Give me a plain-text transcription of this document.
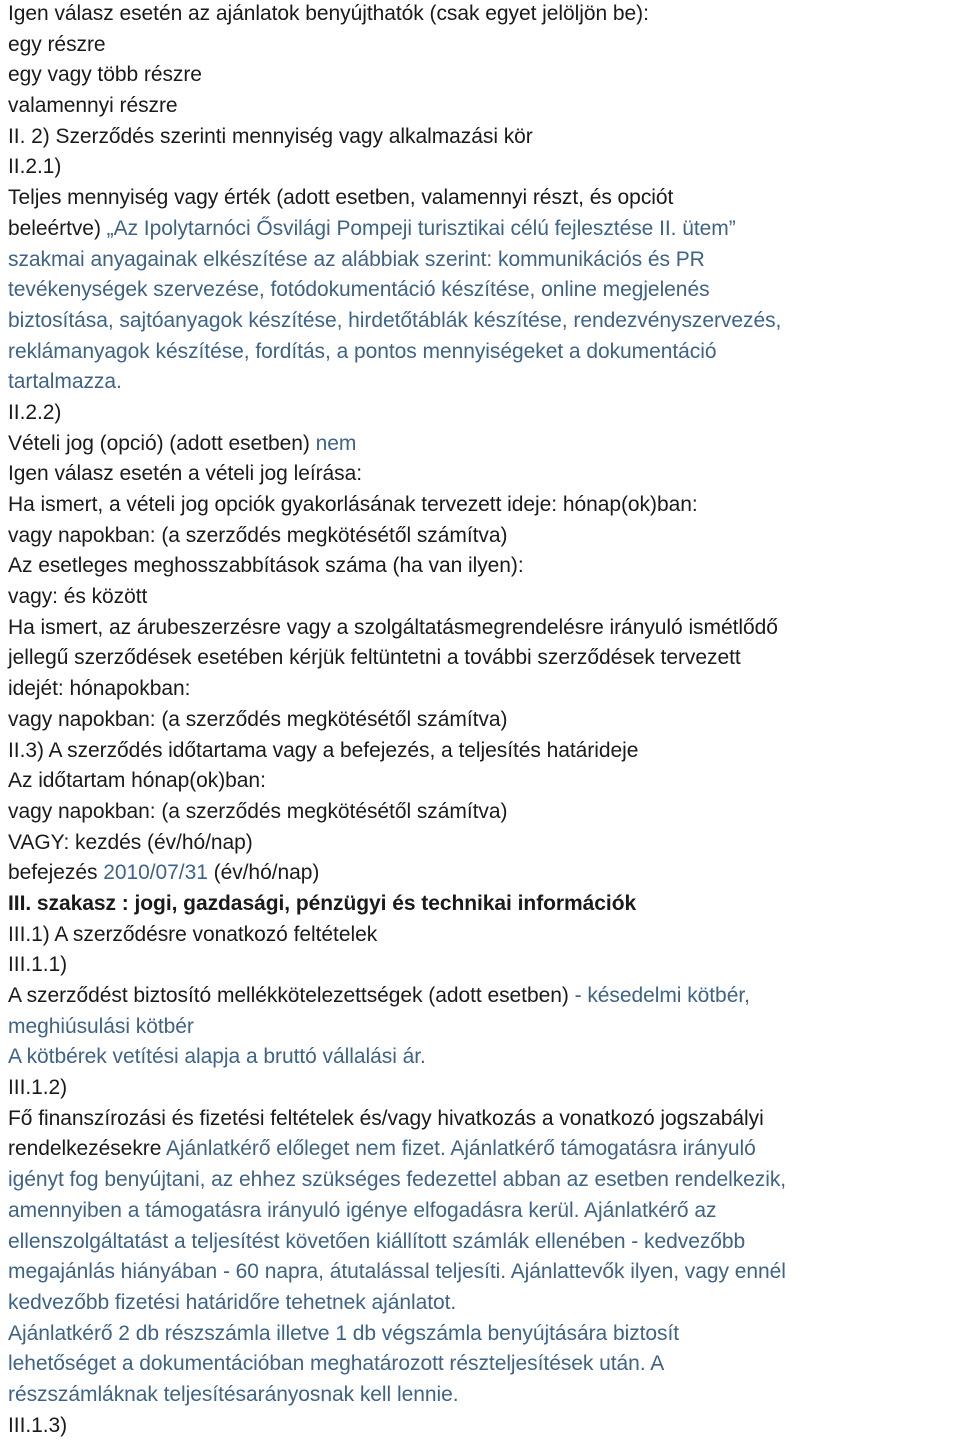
Igen válasz esetén az ajánlatok benyújthatók (csak egyet jelöljön be):
egy részre
egy vagy több részre
valamennyi részre
II. 2) Szerződés szerinti mennyiség vagy alkalmazási kör
II.2.1)
Teljes mennyiség vagy érték (adott esetben, valamennyi részt, és opciót
beleértve) „Az Ipolytarnóci Ősvilági Pompeji turisztikai célú fejlesztése II. ütem”
szakmai anyagainak elkészítése az alábbiak szerint: kommunikációs és PR
tevékenységek szervezése, fotódokumentáció készítése, online megjelenés
biztosítása, sajtóanyagok készítése, hirdetőtáblák készítése, rendezvényszervezés,
reklámanyagok készítése, fordítás, a pontos mennyiségeket a dokumentáció
tartalmazza.
II.2.2)
Vételi jog (opció) (adott esetben) nem
Igen válasz esetén a vételi jog leírása:
Ha ismert, a vételi jog opciók gyakorlásának tervezett ideje: hónap(ok)ban:
vagy napokban: (a szerződés megkötésétől számítva)
Az esetleges meghosszabbítások száma (ha van ilyen):
vagy: és között
Ha ismert, az árubeszerzésre vagy a szolgáltatásmegrendelésre irányuló ismétlődő
jellegű szerződések esetében kérjük feltüntetni a további szerződések tervezett
idejét: hónapokban:
vagy napokban: (a szerződés megkötésétől számítva)
II.3) A szerződés időtartama vagy a befejezés, a teljesítés határideje
Az időtartam hónap(ok)ban:
vagy napokban: (a szerződés megkötésétől számítva)
VAGY: kezdés (év/hó/nap)
befejezés 2010/07/31 (év/hó/nap)
III. szakasz : jogi, gazdasági, pénzügyi és technikai információk
III.1) A szerződésre vonatkozó feltételek
III.1.1)
A szerződést biztosító mellékkötelezettségek (adott esetben) - késedelmi kötbér,
meghiúsulási kötbér
A kötbérek vetítési alapja a bruttó vállalási ár.
III.1.2)
Fő finanszírozási és fizetési feltételek és/vagy hivatkozás a vonatkozó jogszabályi
rendelkezésekre Ajánlatkérő előleget nem fizet. Ajánlatkérő támogatásra irányuló
igényt fog benyújtani, az ehhez szükséges fedezettel abban az esetben rendelkezik,
amennyiben a támogatásra irányuló igénye elfogadásra kerül. Ajánlatkérő az
ellenszolgáltatást a teljesítést követően kiállított számlák ellenében - kedvezőbb
megajánlás hiányában - 60 napra, átutalással teljesíti. Ajánlattevők ilyen, vagy ennél
kedvezőbb fizetési határidőre tehetnek ajánlatot.
Ajánlatkérő 2 db részszámla illetve 1 db végszámla benyújtására biztosít
lehetőséget a dokumentációban meghatározott részteljesítések után. A
részszámláknak teljesítésarányosnak kell lennie.
III.1.3)
